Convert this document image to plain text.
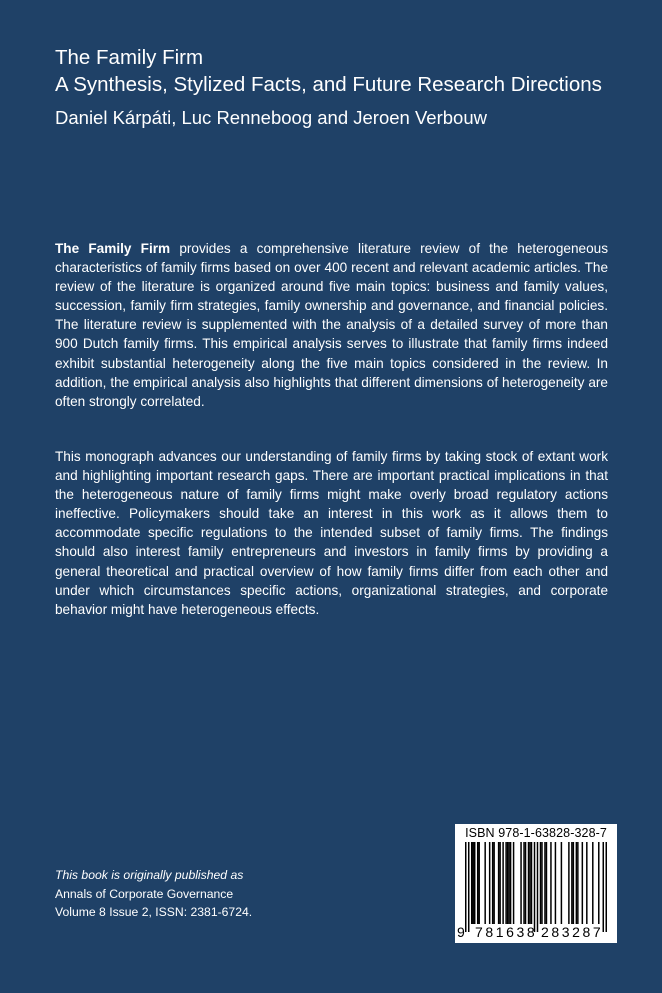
The Family Firm
A Synthesis, Stylized Facts, and Future Research Directions
Daniel Kárpáti, Luc Renneboog and Jeroen Verbouw

The Family Firm provides a comprehensive literature review of the heterogeneous characteristics of family firms based on over 400 recent and relevant academic articles. The review of the literature is organized around five main topics: business and family values, succession, family firm strategies, family ownership and governance, and financial policies. The literature review is supplemented with the analysis of a detailed survey of more than 900 Dutch family firms. This empirical analysis serves to illustrate that family firms indeed exhibit substantial heterogeneity along the five main topics considered in the review. In addition, the empirical analysis also highlights that different dimensions of heterogeneity are often strongly correlated.

This monograph advances our understanding of family firms by taking stock of extant work and highlighting important research gaps. There are important practical implications in that the heterogeneous nature of family firms might make overly broad regulatory actions ineffective. Policymakers should take an interest in this work as it allows them to accommodate specific regulations to the intended subset of family firms. The findings should also interest family entrepreneurs and investors in family firms by providing a general theoretical and practical overview of how family firms differ from each other and under which circumstances specific actions, organizational strategies, and corporate behavior might have heterogeneous effects.

This book is originally published as
Annals of Corporate Governance
Volume 8 Issue 2, ISSN: 2381-6724.
ISBN 978-1-63828-328-7
9 781638 283287
